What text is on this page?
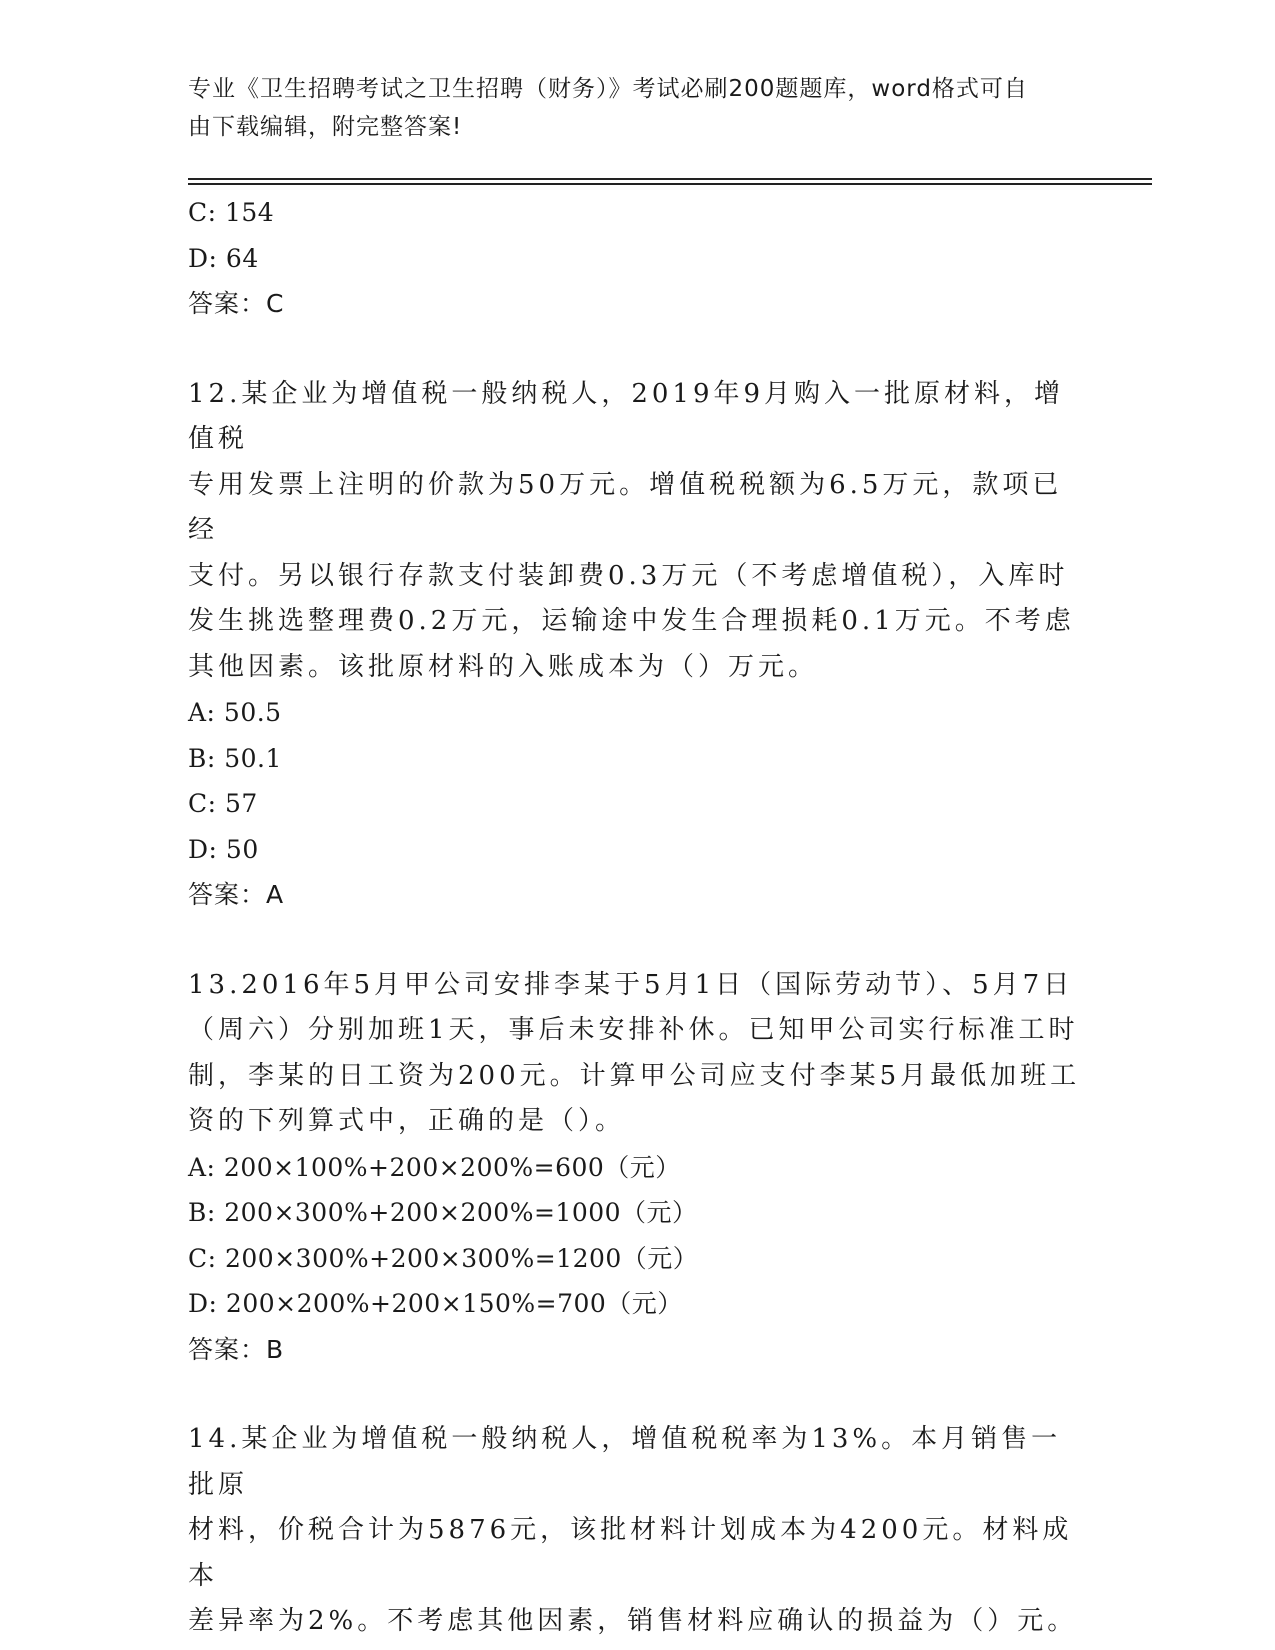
专业《卫生招聘考试之卫生招聘（财务）》考试必刷200题题库，word格式可自
由下载编辑，附完整答案!
C: 154
D: 64
答案：C
12.某企业为增值税一般纳税人，2019年9月购入一批原材料，增值税
专用发票上注明的价款为50万元。增值税税额为6.5万元，款项已经
支付。另以银行存款支付装卸费0.3万元（不考虑增值税），入库时
发生挑选整理费0.2万元，运输途中发生合理损耗0.1万元。不考虑
其他因素。该批原材料的入账成本为（）万元。
A: 50.5
B: 50.1
C: 57
D: 50
答案：A
13.2016年5月甲公司安排李某于5月1日（国际劳动节）、5月7日
（周六）分别加班1天，事后未安排补休。已知甲公司实行标准工时
制，李某的日工资为200元。计算甲公司应支付李某5月最低加班工
资的下列算式中，正确的是（）。
A: 200×100%+200×200%=600（元）
B: 200×300%+200×200%=1000（元）
C: 200×300%+200×300%=1200（元）
D: 200×200%+200×150%=700（元）
答案：B
14.某企业为增值税一般纳税人，增值税税率为13%。本月销售一批原
材料，价税合计为5876元，该批材料计划成本为4200元。材料成本
差异率为2%。不考虑其他因素，销售材料应确认的损益为（）元。
